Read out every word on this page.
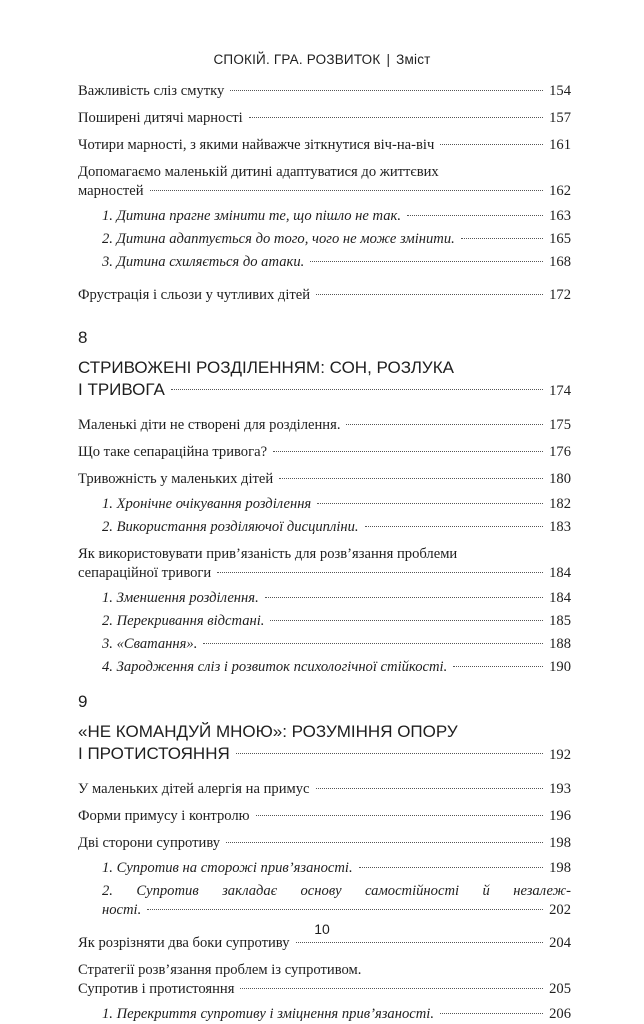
СПОКІЙ. ГРА. РОЗВИТОК | Зміст
Важливість сліз смутку	154
Поширені дитячі марності	157
Чотири марності, з якими найважче зіткнутися віч-на-віч	161
Допомагаємо маленькій дитині адаптуватися до життєвих
марностей	162
1. Дитина прагне змінити те, що пішло не так.	163
2. Дитина адаптується до того, чого не може змінити.	165
3. Дитина схиляється до атаки.	168
Фрустрація і сльози у чутливих дітей	172
8
СТРИВОЖЕНІ РОЗДІЛЕННЯМ: СОН, РОЗЛУКА
І ТРИВОГА	174
Маленькі діти не створені для розділення.	175
Що таке сепараційна тривога?	176
Тривожність у маленьких дітей	180
1. Хронічне очікування розділення	182
2. Використання розділяючої дисципліни.	183
Як використовувати прив’язаність для розв’язання проблеми
сепараційної тривоги	184
1. Зменшення розділення.	184
2. Перекривання відстані.	185
3. «Сватання».	188
4. Зародження сліз і розвиток психологічної стійкості.	190
9
«НЕ КОМАНДУЙ МНОЮ»: РОЗУМІННЯ ОПОРУ
І ПРОТИСТОЯННЯ	192
У маленьких дітей алергія на примус	193
Форми примусу і контролю	196
Дві сторони супротиву	198
1. Супротив на сторожі прив’язаності.	198
2. Супротив закладає основу самостійності й незалеж-
ності.	202
Як розрізняти два боки супротиву	204
Стратегії розв’язання проблем із супротивом.
Супротив і протистояння	205
1. Перекриття супротиву і зміцнення прив’язаності.	206
10
